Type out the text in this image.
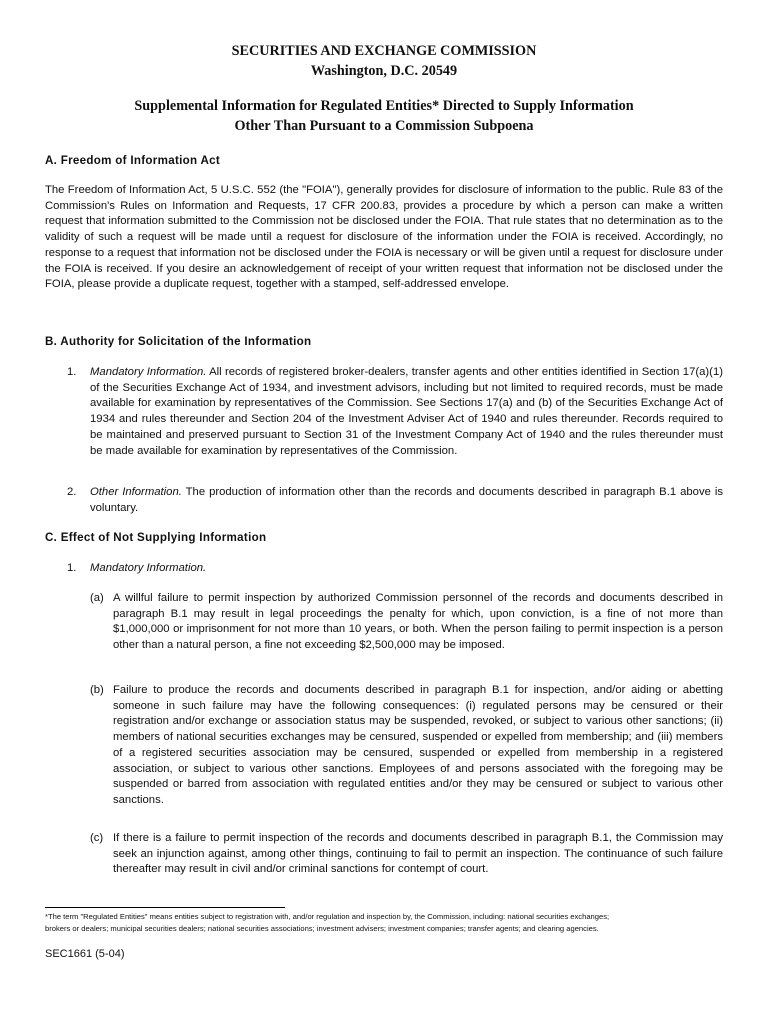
SECURITIES AND EXCHANGE COMMISSION
Washington, D.C. 20549
Supplemental Information for Regulated Entities* Directed to Supply Information
Other Than Pursuant to a Commission Subpoena
A. Freedom of Information Act

The Freedom of Information Act, 5 U.S.C. 552 (the "FOIA"), generally provides for disclosure of information to the public. Rule 83 of the Commission's Rules on Information and Requests, 17 CFR 200.83, provides a procedure by which a person can make a written request that information submitted to the Commission not be disclosed under the FOIA. That rule states that no determination as to the validity of such a request will be made until a request for disclosure of the information under the FOIA is received. Accordingly, no response to a request that information not be disclosed under the FOIA is necessary or will be given until a request for disclosure under the FOIA is received. If you desire an acknowledgement of receipt of your written request that information not be disclosed under the FOIA, please provide a duplicate request, together with a stamped, self-addressed envelope.

B. Authority for Solicitation of the Information
1. Mandatory Information. All records of registered broker-dealers, transfer agents and other entities identified in Section 17(a)(1) of the Securities Exchange Act of 1934, and investment advisors, including but not limited to required records, must be made available for examination by representatives of the Commission. See Sections 17(a) and (b) of the Securities Exchange Act of 1934 and rules thereunder and Section 204 of the Investment Adviser Act of 1940 and rules thereunder. Records required to be maintained and preserved pursuant to Section 31 of the Investment Company Act of 1940 and the rules thereunder must be made available for examination by representatives of the Commission.

2. Other Information. The production of information other than the records and documents described in paragraph B.1 above is voluntary.

C. Effect of Not Supplying Information
1. Mandatory Information.
(a) A willful failure to permit inspection by authorized Commission personnel of the records and documents described in paragraph B.1 may result in legal proceedings the penalty for which, upon conviction, is a fine of not more than $1,000,000 or imprisonment for not more than 10 years, or both. When the person failing to permit inspection is a person other than a natural person, a fine not exceeding $2,500,000 may be imposed.

(b) Failure to produce the records and documents described in paragraph B.1 for inspection, and/or aiding or abetting someone in such failure may have the following consequences: (i) regulated persons may be censured or their registration and/or exchange or association status may be suspended, revoked, or subject to various other sanctions; (ii) members of national securities exchanges may be censured, suspended or expelled from membership; and (iii) members of a registered securities association may be censured, suspended or expelled from membership in a registered association, or subject to various other sanctions. Employees of and persons associated with the foregoing may be suspended or barred from association with regulated entities and/or they may be censured or subject to various other sanctions.

(c) If there is a failure to permit inspection of the records and documents described in paragraph B.1, the Commission may seek an injunction against, among other things, continuing to fail to permit an inspection. The continuance of such failure thereafter may result in civil and/or criminal sanctions for contempt of court.

*The term "Regulated Entities" means entities subject to registration with, and/or regulation and inspection by, the Commission, including: national securities exchanges;
brokers or dealers; municipal securities dealers; national securities associations; investment advisers; investment companies; transfer agents; and clearing agencies.
SEC1661 (5-04)
